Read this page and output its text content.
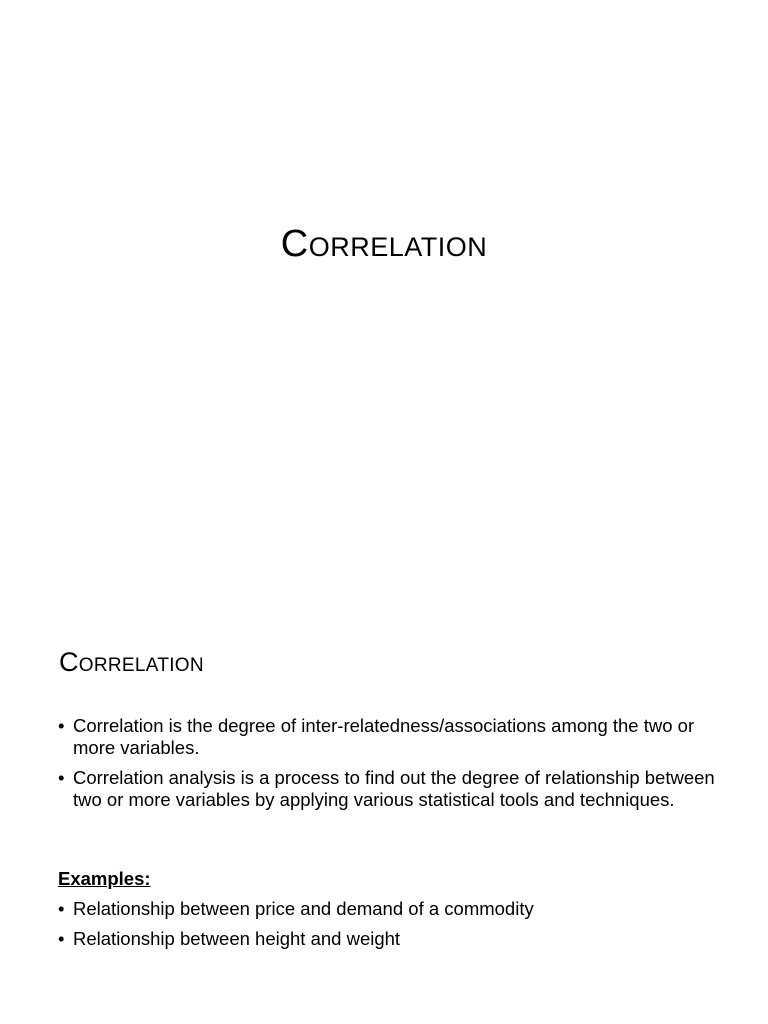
Correlation
Correlation
• Correlation is the degree of inter-relatedness/associations among the two or more variables.
• Correlation analysis is a process to find out the degree of relationship between two or more variables by applying various statistical tools and techniques.

Examples:

• Relationship between price and demand of a commodity
• Relationship between height and weight
